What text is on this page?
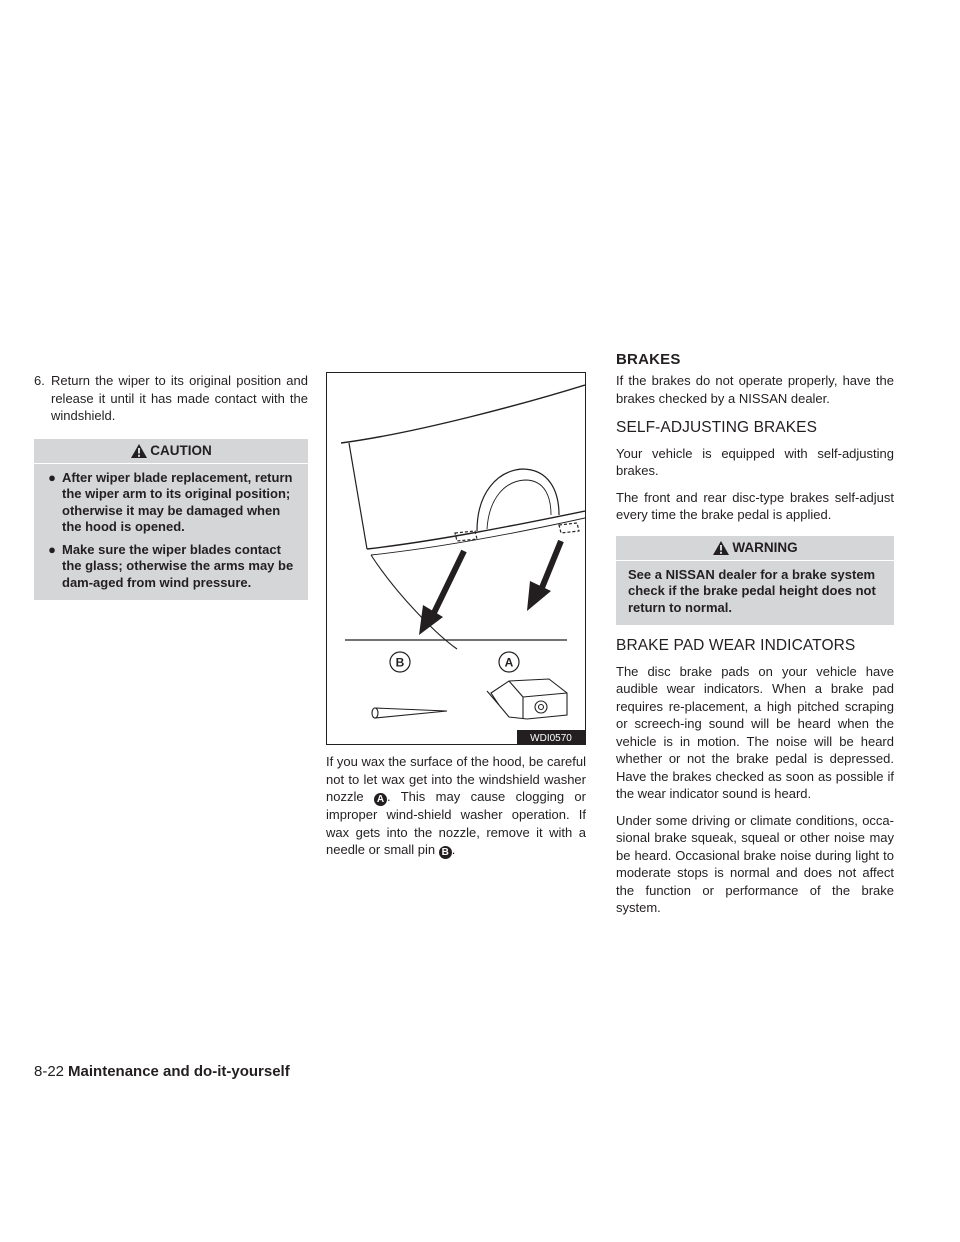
BRAKES
6. Return the wiper to its original position and release it until it has made contact with the windshield.
CAUTION
● After wiper blade replacement, return the wiper arm to its original position; otherwise it may be damaged when the hood is opened.
● Make sure the wiper blades contact the glass; otherwise the arms may be dam-aged from wind pressure.
B	A
WDI0570
If you wax the surface of the hood, be careful not to let wax get into the windshield washer nozzle A . This may cause clogging or improper wind-shield washer operation. If wax gets into the nozzle, remove it with a needle or small pin B .

If the brakes do not operate properly, have the brakes checked by a NISSAN dealer.

SELF-ADJUSTING BRAKES

Your vehicle is equipped with self-adjusting brakes.

The front and rear disc-type brakes self-adjust every time the brake pedal is applied.

WARNING
See a NISSAN dealer for a brake system check if the brake pedal height does not return to normal.
BRAKE PAD WEAR INDICATORS

The disc brake pads on your vehicle have audible wear indicators. When a brake pad requires re-placement, a high pitched scraping or screech-ing sound will be heard when the vehicle is in motion. The noise will be heard whether or not the brake pedal is depressed. Have the brakes checked as soon as possible if the wear indicator sound is heard.

Under some driving or climate conditions, occa-sional brake squeak, squeal or other noise may be heard. Occasional brake noise during light to moderate stops is normal and does not affect the function or performance of the brake system.

8-22 Maintenance and do-it-yourself
